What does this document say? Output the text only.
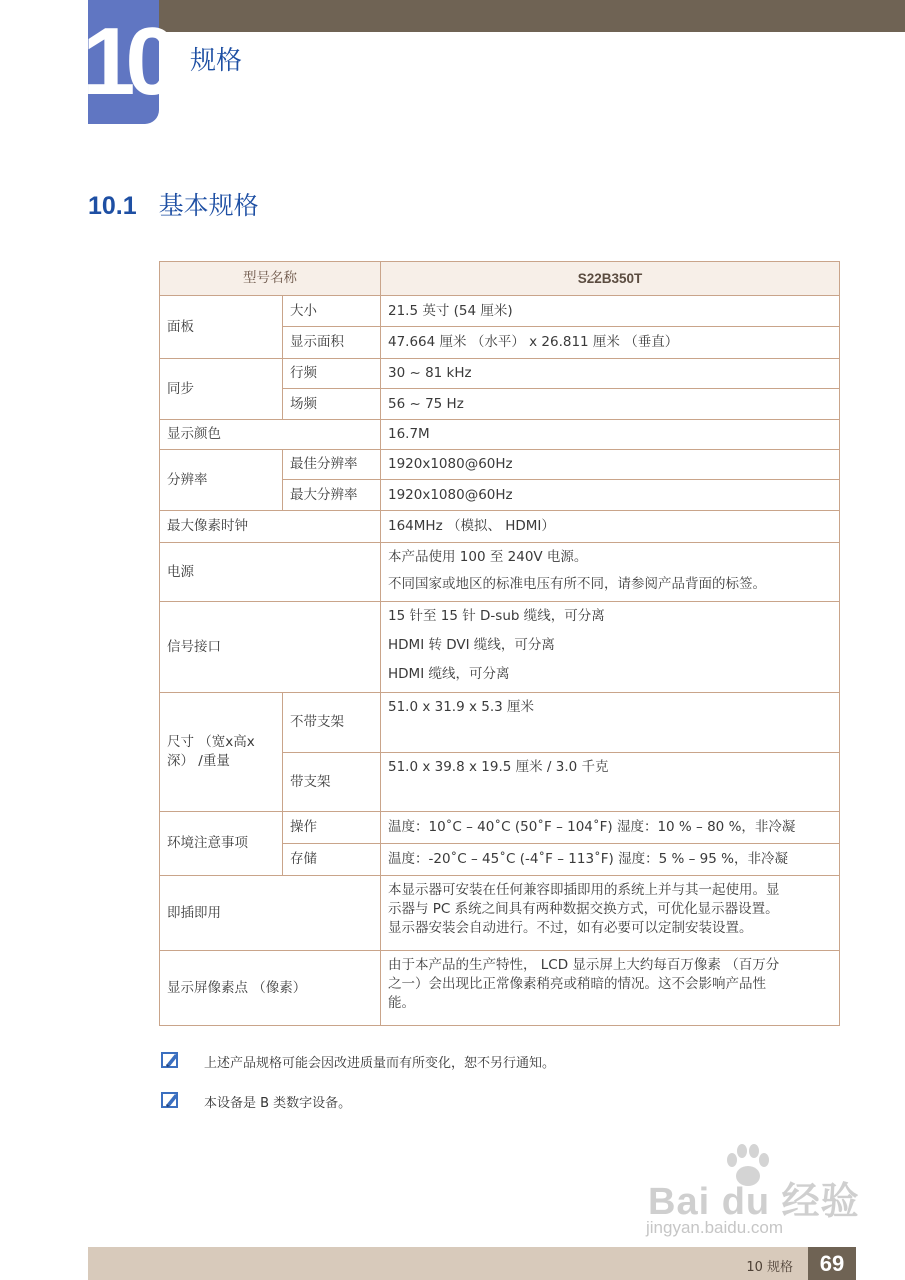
10 规格
10.1 基本规格
型号名称		S22B350T
面板	大小	21.5 英寸 (54 厘米)
	显示面积	47.664 厘米 （水平） x 26.811 厘米 （垂直）
同步	行频	30 ~ 81 kHz
	场频	56 ~ 75 Hz
显示颜色		16.7M
分辨率	最佳分辨率	1920x1080@60Hz
	最大分辨率	1920x1080@60Hz
最大像素时钟		164MHz （模拟、 HDMI）
电源		本产品使用 100 至 240V 电源。
不同国家或地区的标准电压有所不同，请参阅产品背面的标签。

信号接口		15 针至 15 针 D-sub 缆线，可分离
HDMI 转 DVI 缆线，可分离
HDMI 缆线，可分离

尺寸 （宽x高x
深） /重量	不带支架	51.0 x 31.9 x 5.3 厘米
	带支架	51.0 x 39.8 x 19.5 厘米 / 3.0 千克
环境注意事项	操作	温度：10˚C – 40˚C (50˚F – 104˚F) 湿度：10 % – 80 %，非冷凝
	存储	温度：-20˚C – 45˚C (-4˚F – 113˚F) 湿度：5 % – 95 %，非冷凝
即插即用		本显示器可安装在任何兼容即插即用的系统上并与其一起使用。显
示器与 PC 系统之间具有两种数据交换方式，可优化显示器设置。
显示器安装会自动进行。不过，如有必要可以定制安装设置。

显示屏像素点 （像素）		由于本产品的生产特性， LCD 显示屏上大约每百万像素 （百万分
之一）会出现比正常像素稍亮或稍暗的情况。这不会影响产品性
能。
上述产品规格可能会因改进质量而有所变化，恕不另行通知。
本设备是 B 类数字设备。
Bai du 经验
jingyan.baidu.com
10 规格	69
